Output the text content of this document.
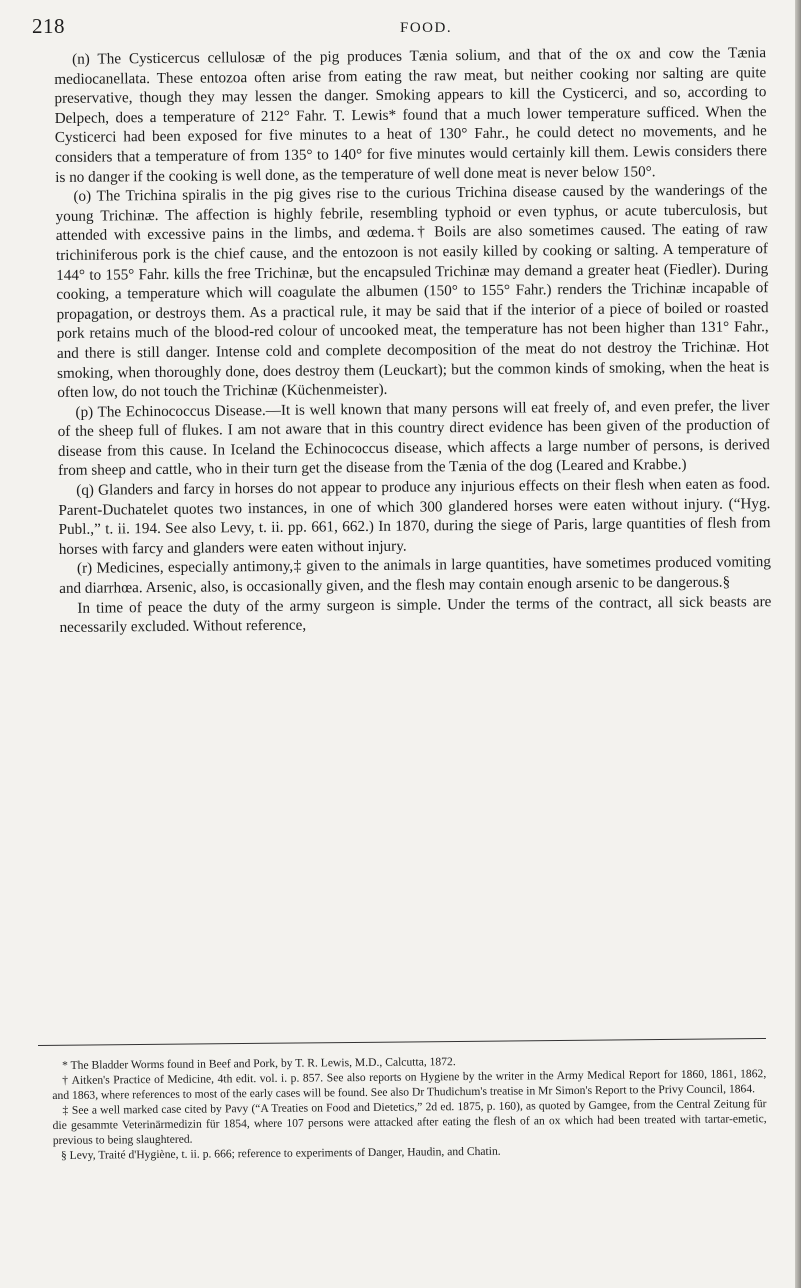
218	FOOD.

(n) The Cysticercus cellulosæ of the pig produces Tænia solium, and that of the ox and cow the Tænia mediocanellata. These entozoa often arise from eating the raw meat, but neither cooking nor salting are quite preservative, though they may lessen the danger. Smoking appears to kill the Cysticerci, and so, according to Delpech, does a temperature of 212° Fahr. T. Lewis* found that a much lower temperature sufficed. When the Cysticerci had been exposed for five minutes to a heat of 130° Fahr., he could detect no movements, and he considers that a temperature of from 135° to 140° for five minutes would certainly kill them. Lewis considers there is no danger if the cooking is well done, as the temperature of well done meat is never below 150°.

(o) The Trichina spiralis in the pig gives rise to the curious Trichina disease caused by the wanderings of the young Trichinæ. The affection is highly febrile, resembling typhoid or even typhus, or acute tuberculosis, but attended with excessive pains in the limbs, and œdema.† Boils are also sometimes caused. The eating of raw trichiniferous pork is the chief cause, and the entozoon is not easily killed by cooking or salting. A temperature of 144° to 155° Fahr. kills the free Trichinæ, but the encapsuled Trichinæ may demand a greater heat (Fiedler). During cooking, a temperature which will coagulate the albumen (150° to 155° Fahr.) renders the Trichinæ incapable of propagation, or destroys them. As a practical rule, it may be said that if the interior of a piece of boiled or roasted pork retains much of the blood-red colour of uncooked meat, the temperature has not been higher than 131° Fahr., and there is still danger. Intense cold and complete decomposition of the meat do not destroy the Trichinæ. Hot smoking, when thoroughly done, does destroy them (Leuckart); but the common kinds of smoking, when the heat is often low, do not touch the Trichinæ (Küchenmeister).

(p) The Echinococcus Disease.—It is well known that many persons will eat freely of, and even prefer, the liver of the sheep full of flukes. I am not aware that in this country direct evidence has been given of the production of disease from this cause. In Iceland the Echinococcus disease, which affects a large number of persons, is derived from sheep and cattle, who in their turn get the disease from the Tænia of the dog (Leared and Krabbe.)

(q) Glanders and farcy in horses do not appear to produce any injurious effects on their flesh when eaten as food. Parent-Duchatelet quotes two instances, in one of which 300 glandered horses were eaten without injury. (“Hyg. Publ.,” t. ii. 194. See also Levy, t. ii. pp. 661, 662.) In 1870, during the siege of Paris, large quantities of flesh from horses with farcy and glanders were eaten without injury.

(r) Medicines, especially antimony,‡ given to the animals in large quantities, have sometimes produced vomiting and diarrhœa. Arsenic, also, is occasionally given, and the flesh may contain enough arsenic to be dangerous.§

In time of peace the duty of the army surgeon is simple. Under the terms of the contract, all sick beasts are necessarily excluded. Without reference,

* The Bladder Worms found in Beef and Pork, by T. R. Lewis, M.D., Calcutta, 1872.

† Aitken's Practice of Medicine, 4th edit. vol. i. p. 857. See also reports on Hygiene by the writer in the Army Medical Report for 1860, 1861, 1862, and 1863, where references to most of the early cases will be found. See also Dr Thudichum's treatise in Mr Simon's Report to the Privy Council, 1864.

‡ See a well marked case cited by Pavy (“A Treaties on Food and Dietetics,” 2d ed. 1875, p. 160), as quoted by Gamgee, from the Central Zeitung für die gesammte Veterinärmedizin für 1854, where 107 persons were attacked after eating the flesh of an ox which had been treated with tartar-emetic, previous to being slaughtered.

§ Levy, Traité d'Hygiène, t. ii. p. 666; reference to experiments of Danger, Haudin, and Chatin.
